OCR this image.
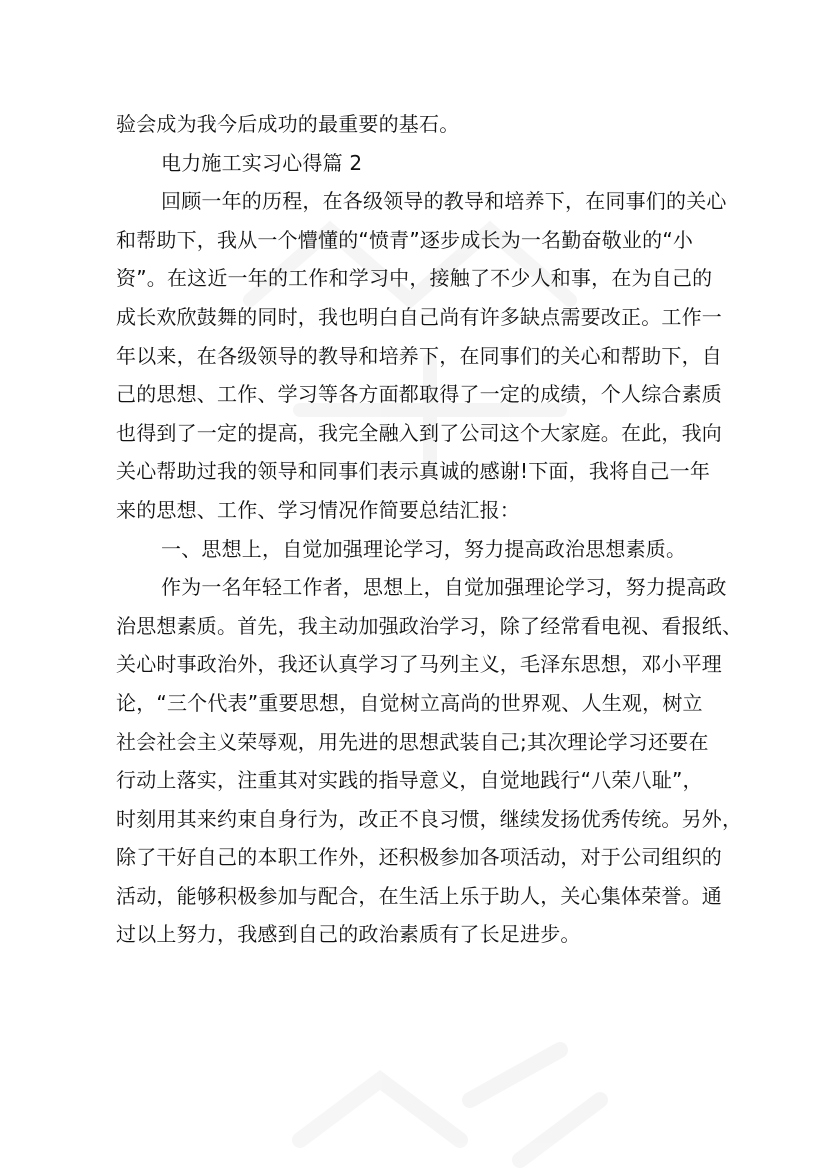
验会成为我今后成功的最重要的基石。

电力施工实习心得篇 2

回顾一年的历程，在各级领导的教导和培养下，在同事们的关心
和帮助下，我从一个懵懂的“愤青”逐步成长为一名勤奋敬业的“小
资”。在这近一年的工作和学习中，接触了不少人和事，在为自己的
成长欢欣鼓舞的同时，我也明白自己尚有许多缺点需要改正。工作一
年以来，在各级领导的教导和培养下，在同事们的关心和帮助下，自
己的思想、工作、学习等各方面都取得了一定的成绩，个人综合素质
也得到了一定的提高，我完全融入到了公司这个大家庭。在此，我向
关心帮助过我的领导和同事们表示真诚的感谢!下面，我将自己一年
来的思想、工作、学习情况作简要总结汇报：

一、思想上，自觉加强理论学习，努力提高政治思想素质。

作为一名年轻工作者，思想上，自觉加强理论学习，努力提高政
治思想素质。首先，我主动加强政治学习，除了经常看电视、看报纸、
关心时事政治外，我还认真学习了马列主义，毛泽东思想，邓小平理
论，“三个代表”重要思想，自觉树立高尚的世界观、人生观，树立
社会社会主义荣辱观，用先进的思想武装自己;其次理论学习还要在
行动上落实，注重其对实践的指导意义，自觉地践行“八荣八耻”，
时刻用其来约束自身行为，改正不良习惯，继续发扬优秀传统。另外，
除了干好自己的本职工作外，还积极参加各项活动，对于公司组织的
活动，能够积极参加与配合，在生活上乐于助人，关心集体荣誉。通
过以上努力，我感到自己的政治素质有了长足进步。
